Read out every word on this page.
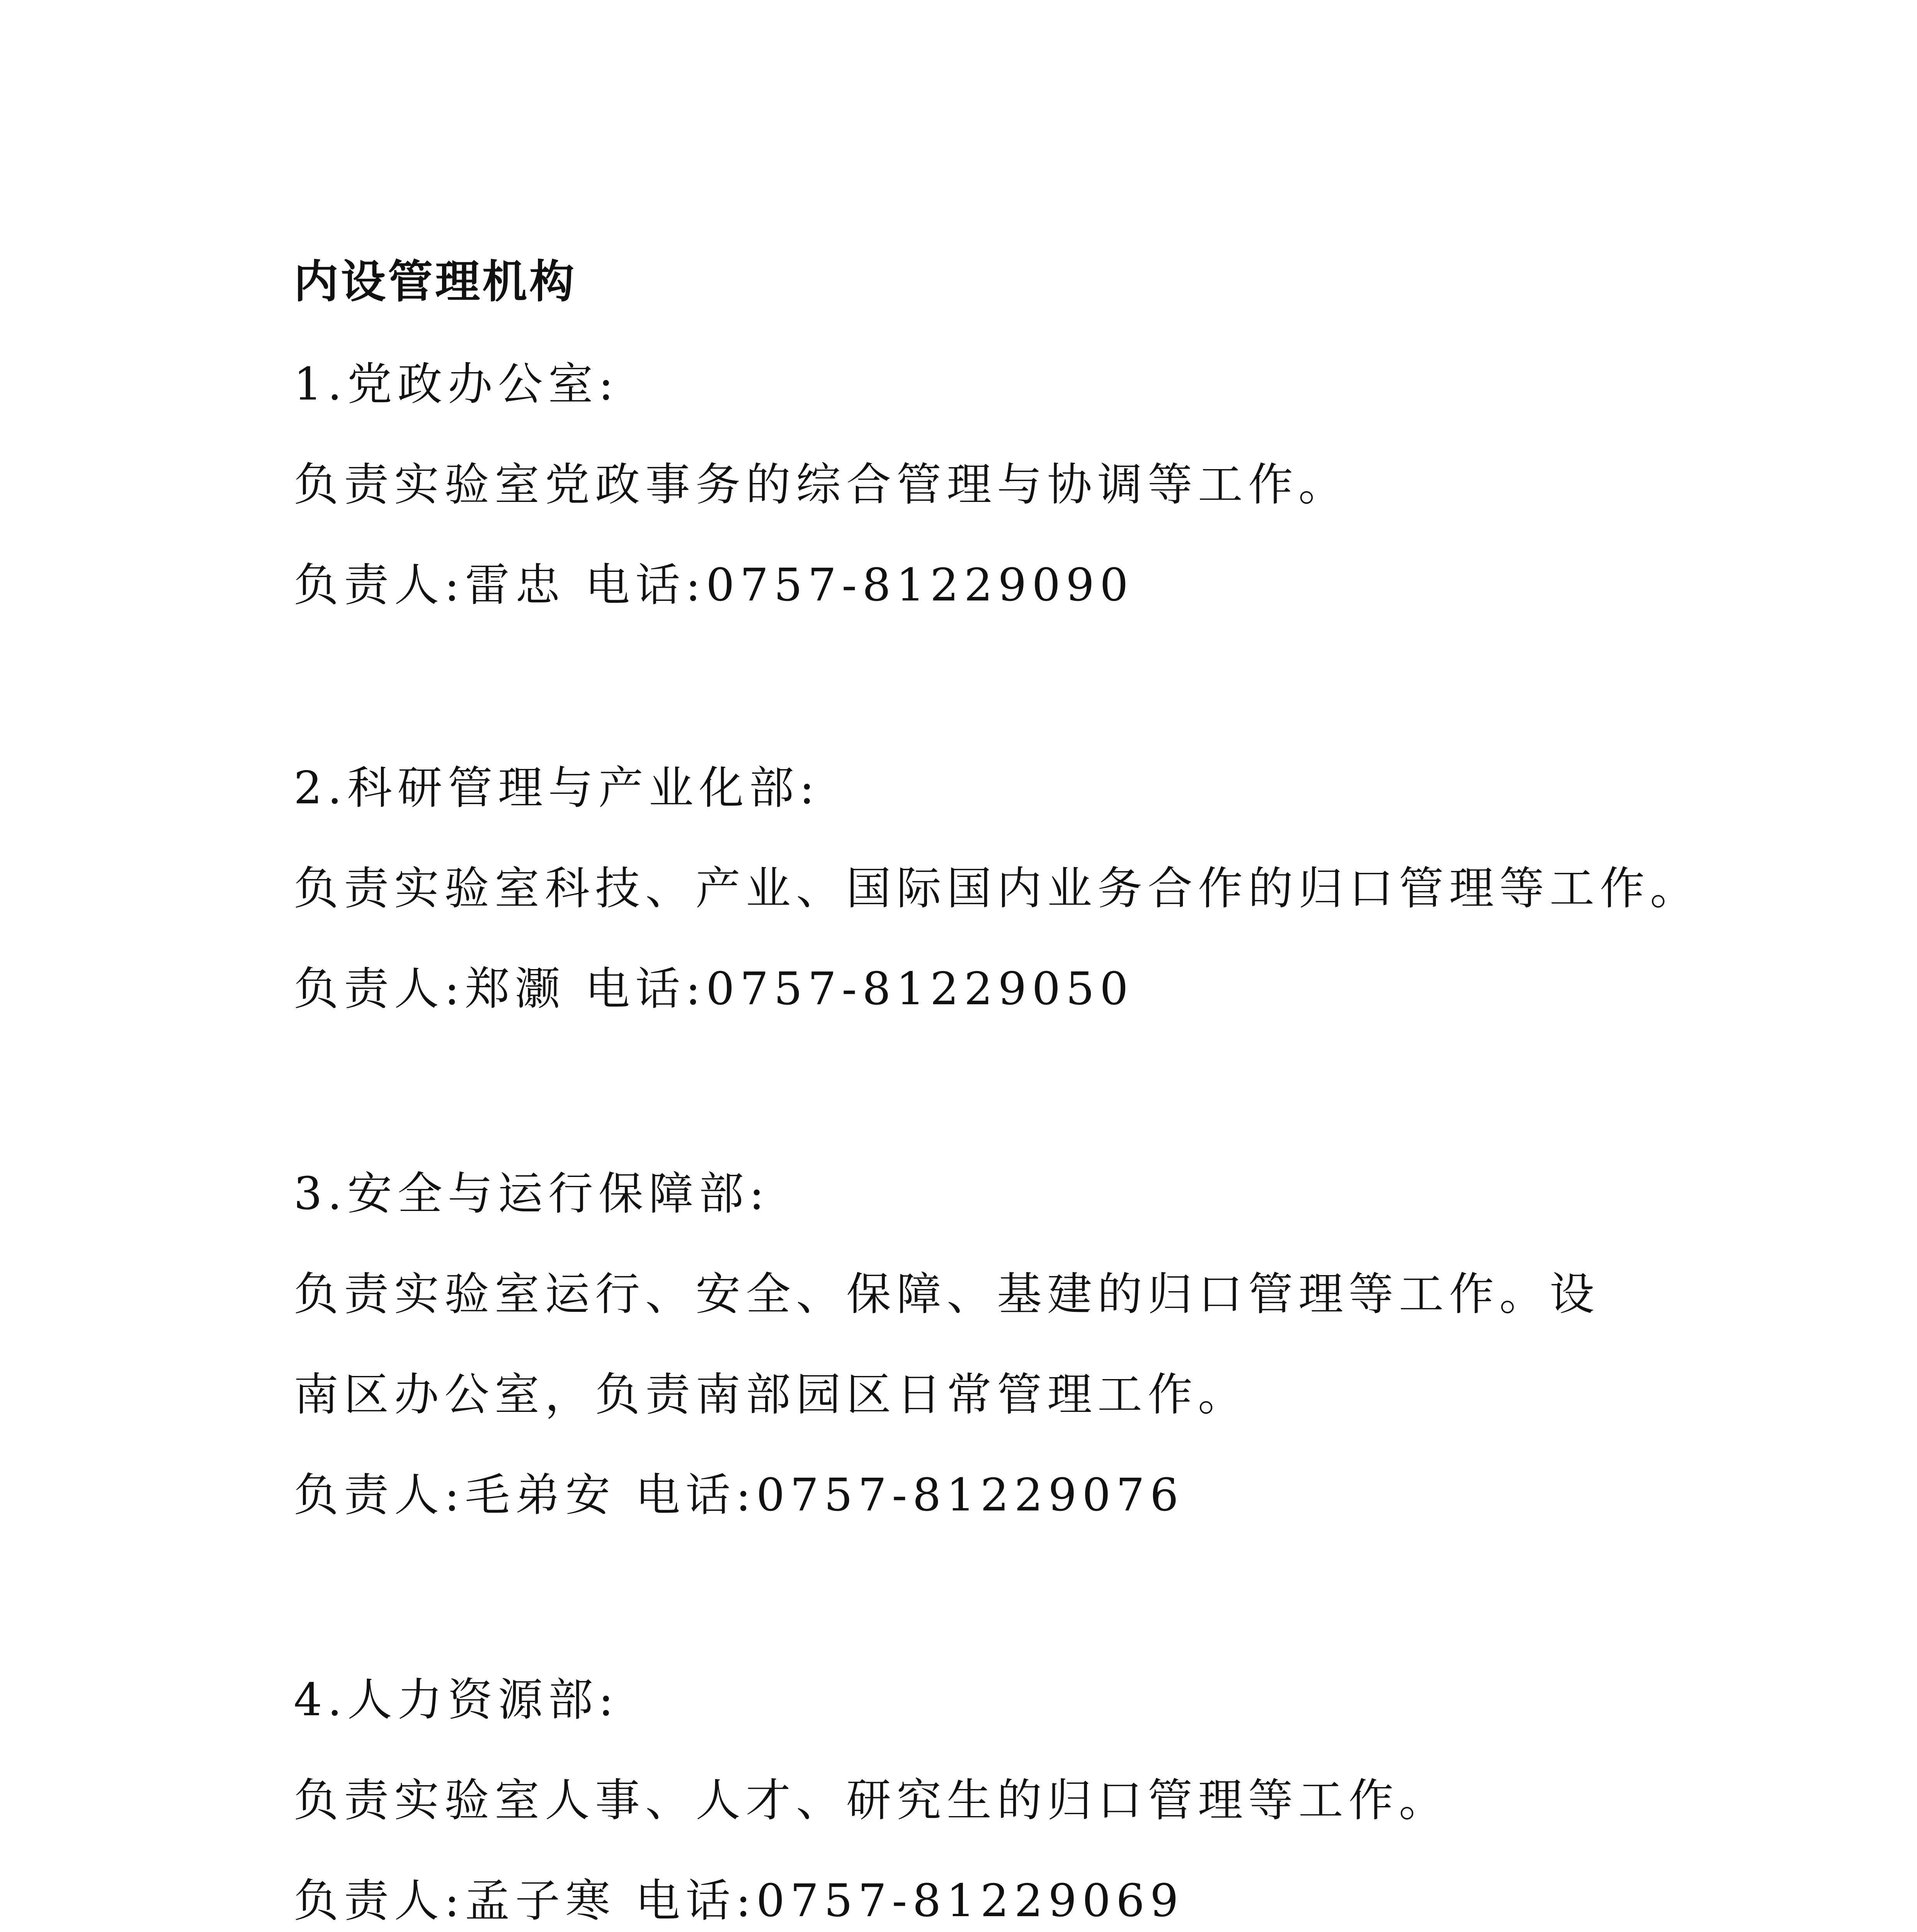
内设管理机构
1.党政办公室:
负责实验室党政事务的综合管理与协调等工作。
负责人:雷忠 电话:0757-81229090
2.科研管理与产业化部:
负责实验室科技、产业、国际国内业务合作的归口管理等工作。
负责人:郑灏 电话:0757-81229050
3.安全与运行保障部:
负责实验室运行、安全、保障、基建的归口管理等工作。设
南区办公室，负责南部园区日常管理工作。
负责人:毛弟安 电话:0757-81229076
4.人力资源部:
负责实验室人事、人才、研究生的归口管理等工作。
负责人:孟子寒 电话:0757-81229069
